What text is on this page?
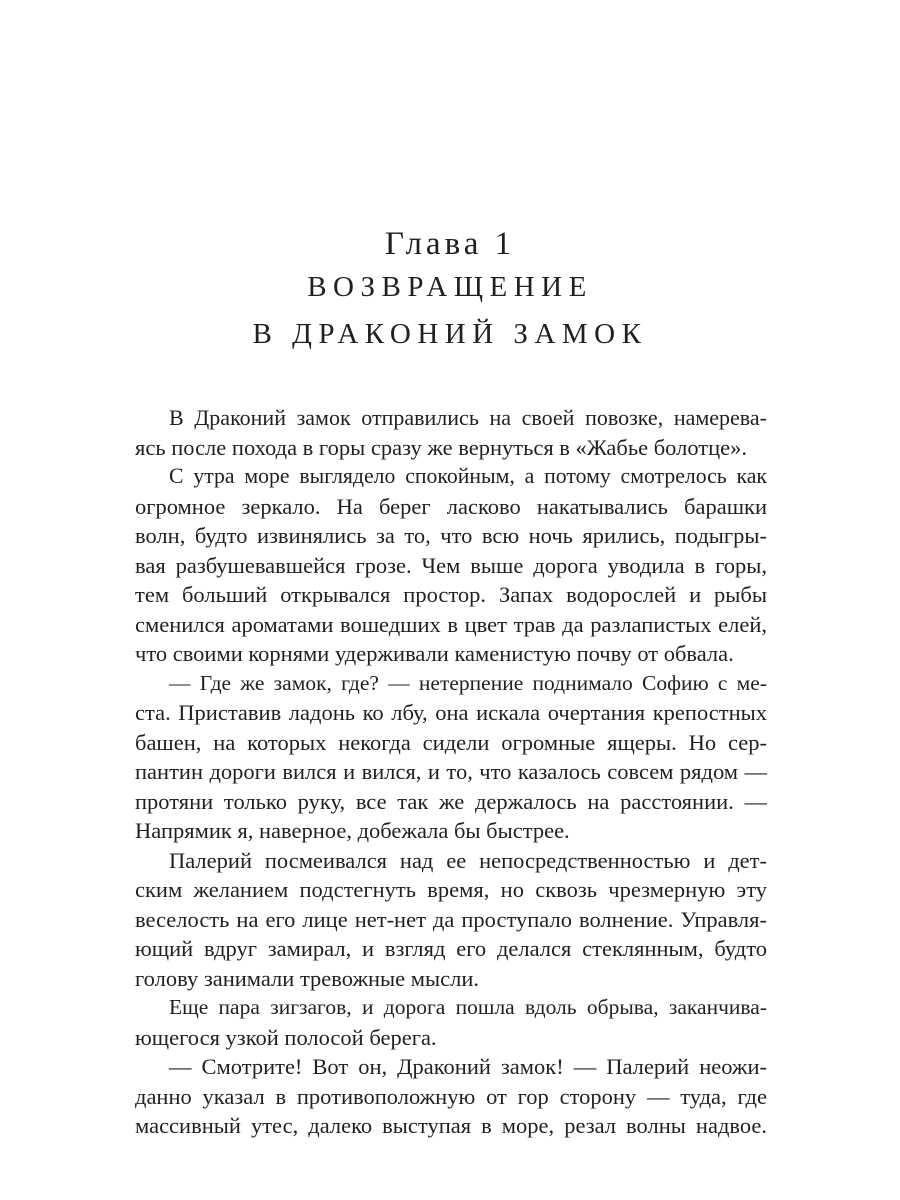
Глава 1
ВОЗВРАЩЕНИЕ
В ДРАКОНИЙ ЗАМОК
В Драконий замок отправились на своей повозке, намерева-
ясь после похода в горы сразу же вернуться в «Жабье болотце».
С утра море выглядело спокойным, а потому смотрелось как
огромное зеркало. На берег ласково накатывались барашки
волн, будто извинялись за то, что всю ночь ярились, подыгры-
вая разбушевавшейся грозе. Чем выше дорога уводила в горы,
тем больший открывался простор. Запах водорослей и рыбы
сменился ароматами вошедших в цвет трав да разлапистых елей,
что своими корнями удерживали каменистую почву от обвала.
— Где же замок, где? — нетерпение поднимало Софию с ме-
ста. Приставив ладонь ко лбу, она искала очертания крепостных
башен, на которых некогда сидели огромные ящеры. Но сер-
пантин дороги вился и вился, и то, что казалось совсем рядом —
протяни только руку, все так же держалось на расстоянии. —
Напрямик я, наверное, добежала бы быстрее.
Палерий посмеивался над ее непосредственностью и дет-
ским желанием подстегнуть время, но сквозь чрезмерную эту
веселость на его лице нет-нет да проступало волнение. Управля-
ющий вдруг замирал, и взгляд его делался стеклянным, будто
голову занимали тревожные мысли.
Еще пара зигзагов, и дорога пошла вдоль обрыва, заканчива-
ющегося узкой полосой берега.
— Смотрите! Вот он, Драконий замок! — Палерий неожи-
данно указал в противоположную от гор сторону — туда, где
массивный утес, далеко выступая в море, резал волны надвое.
